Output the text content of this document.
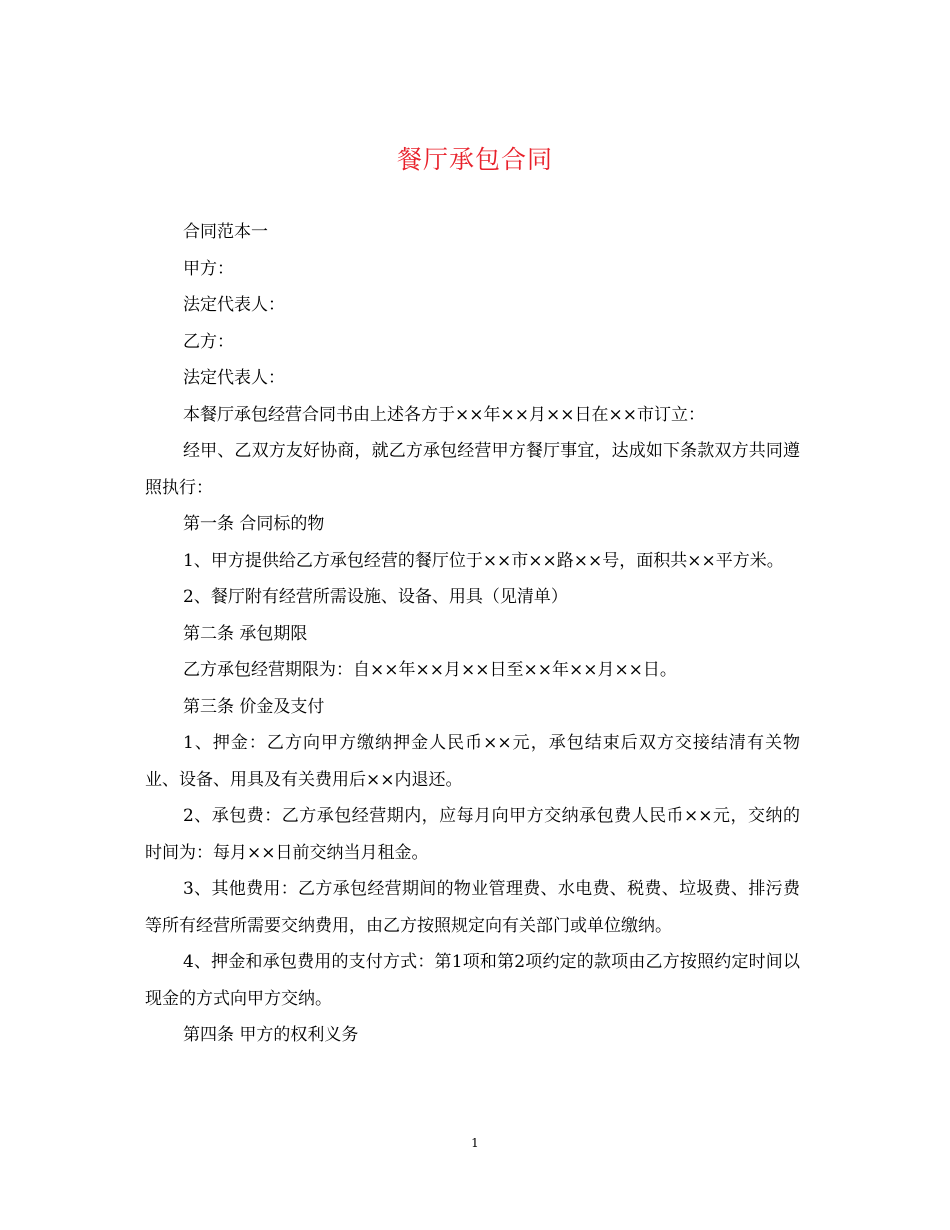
餐厅承包合同

合同范本一

甲方：

法定代表人：

乙方：

法定代表人：

本餐厅承包经营合同书由上述各方于××年××月××日在××市订立：

经甲、乙双方友好协商，就乙方承包经营甲方餐厅事宜，达成如下条款双方共同遵照执行：

第一条 合同标的物

1、甲方提供给乙方承包经营的餐厅位于××市××路××号，面积共××平方米。

2、餐厅附有经营所需设施、设备、用具（见清单）

第二条 承包期限

乙方承包经营期限为：自××年××月××日至××年××月××日。

第三条 价金及支付

1、押金：乙方向甲方缴纳押金人民币××元，承包结束后双方交接结清有关物业、设备、用具及有关费用后××内退还。

2、承包费：乙方承包经营期内，应每月向甲方交纳承包费人民币××元，交纳的时间为：每月××日前交纳当月租金。

3、其他费用：乙方承包经营期间的物业管理费、水电费、税费、垃圾费、排污费等所有经营所需要交纳费用，由乙方按照规定向有关部门或单位缴纳。

4、押金和承包费用的支付方式：第1项和第2项约定的款项由乙方按照约定时间以现金的方式向甲方交纳。

第四条 甲方的权利义务

1
